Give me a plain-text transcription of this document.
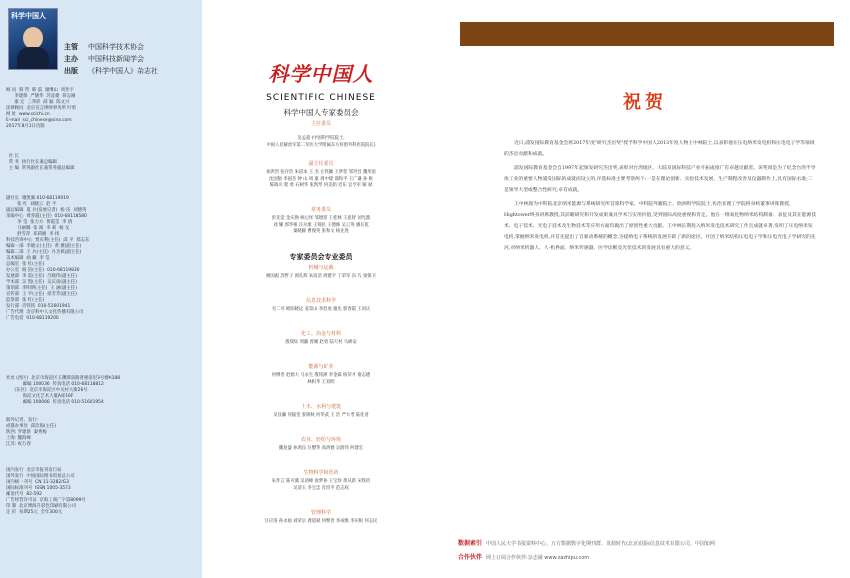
科学中国人
主管 中国科学技术协会
主办 中国科技新闻学会
出版 《科学中国人》杂志社
顾 问  韩 啓  韩 震  谢继山  周作宇
李建保  严晓华  苏彦捷  蒋志刚
康 宏  三邦彰  薛 颖  陈文兴
法律顾问  北京宣言律师事务所 叶勇
网 址  www.scichi.cn
E-mail  sci_chinese@sina.com
2017年8月1日出版
社 长
常 务  执行社长兼总编辑
主 编  常务副社长兼常务副总编辑
副社长  谢凯翼 010-68119019
张 红  刘晓云  赵 平
副总编辑  夏 兵(发展记者)  杨 洁  刘德英
采编中心  黄青霞(主任)  010-68118580
李 莹  张力方  黄霞莹  李 倩
马丽娜  张 闻  李 莉  杨 戈
舒雪萍  邓莉媛  李 扬
科技咨询中心  贾庆利(主任)  邱 平  郑志东
编辑一部  李晓文(主任)  黄 捷(副主任)
编辑二部  王 兵(主任)  丹杰祺(副主任)
美术编辑  曲 藏  李 莹
总编室  张 红(主任)
办公室  杨 洁(主任)  010-68119830
发展部  李 雷(主任)  吕晓伟(副主任)
学术部  吴 凯(主任)  吴庆南(副主任)
策划部  李明明(主任)  王 涵(副主任)
宣传部  王 平(主任)  徐芳芳(副主任)
监察部  张 红(主任)
发行部  肖铁铭  010-51601941
广告代理  北京科中人文化传播有限公司
广告电话  010-68119200
社址 (西区)  北京市海淀区玉渊潭南路普惠南里3号楼A188
邮编 100036  传真电话 010-68118812
(东区)  北京市海淀区中关村大街26号
海淀文化艺术大厦A座16F
邮编 100066  传真电话 010-51601954
联外记者、发行:
成都办事处  邱浩海(主任)
陕西: 罗建新  秦秀梅
上海: 魏海峰
江苏: 祝万春
国内发行  北京市报刊发行局
国外发行  中国国际图书贸易总公司
国内统一刊号  CN 11-3282/G3
国际标准刊号  ISSN 1005-3573
邮发代号  82-592
广告经营许可证  京海工商广字第8099号
印 制  北京博海升彩色印刷有限公司
定 价  每期25元  全年300元
科学中国人
SCIENTIFIC CHINESE
科学中国人专家委员会
主任委员
吴孟超 (中国科学院院士,
中国人民解放军第二军医大学附属东方肝胆外科医院院长)
副主任委员
孙鸿烈 张存浩 朱道本 王 杰 左铁镛 王梦恕 邹世昌 魏奉思
沈国舫 李国杰 钟 山 周 康 周中建 邵和平 王广谦 孙 枢
陈钺川 程 勇 石树华 张凯琴 何美娟 迟东 宜亨军 解 斌
常务委员
彭先觉 金庆焕 顾心怿 邹德慈 王桂林 王思智 刘光鼎
刘 耀 郭华根 汪尔康 王锦民 王德修 吴云英 潘长乾
秦晓颖 曹俊英 张和文 杨先进
专家委员会专业委员
机械与运载
顾国彪 苏哲子 郭孔辉 朱高浩 周建平 丁荣军 向 巧 梁保卫
信息技术科学
毛二可 欧阳晓远 姜景山 李伯虎 谢先 郭春霞 王同庆
化工、冶金与材料
殷瑞钰 周廉 曾刚 赵勇 陆天村 马绵安
能源与矿业
何继善 赵源大 马永生 殷铭洲 李金霖 杨荣才 俞志德
林积华 王双明
土木、水利与建筑
吴良镛 何镜堂 张锦秋 何华武 王 浩 严大考 陆化普
农业、轻纺与环境
魏复盛 孙鸿良 汪懋华 高鸿德 吴蔚伟 何建宏
生物科学和医药
朱作言 陈可冀 吴清峰 俞梦孙 王宝珍 黄从新 宋铁钧
吴清玉 李宝忠 肖坦平 范志权
管理科学
汪应洛 孙永福 刘荣宗 龚道斌 何继善 李成维 李庆根 何志民
祝贺

近日,浦发国际教育基金会将2017年度"研究杰出奖"授予科学中国人2013年度人物王中林院士,以表彰他在压电纳米发电机和压电电子学等领域的杰出贡献和成就。

浦发国际教育基金会自1997年起颁发研究杰出奖,表彰对台湾地区、大陆及国际科技产业开拓或推广有卓越贡献者。该奖项是为了纪念台湾半导体工业的重要人物浦发国际的成就而设立的,评选标准主要考察两个:一是在理论创新、实验技术发展、生产制程改善及仪器制作上,具有国际水准;二是领导大型或整合性研究,卓有成就。

王中林现为中科院北京纳米能源与系统研究所首席科学家、中科院外籍院士、欧洲科学院院士,佐治亚理工学院终身校董事讲席教授、Hightower终身讲席教授,其前瞻研究和开发成果兼具学术与实用价值,受到国际高度重视和肯定。他在一维氧化物纳米结构制备、表征及其在能源技术、电子技术、光电子技术及生物技术等应用方面均做出了原创性重大贡献。王中林长期投入纳米发电技术研究工作且成就卓著,发明了压电纳米发电机,掌握纳米发电机,并首先提出了自驱动系统的概念,为提纳电子系统的发展开辟了新的途径。开创了纳米结构压电电子学和压电光电子学研究的先河,对纳米机器人、人-机界面、纳米传感器、医学诊断及光伏技术的发展具有重大的意义。

数据索引 中国人民大学书报资料中心、万方数据数字化期刊群、龙源时代(北京)国际信息技术有限公司、中国知网
合作伙伴 网上订阅合作伙伴:杂志铺 www.zazhipu.com
